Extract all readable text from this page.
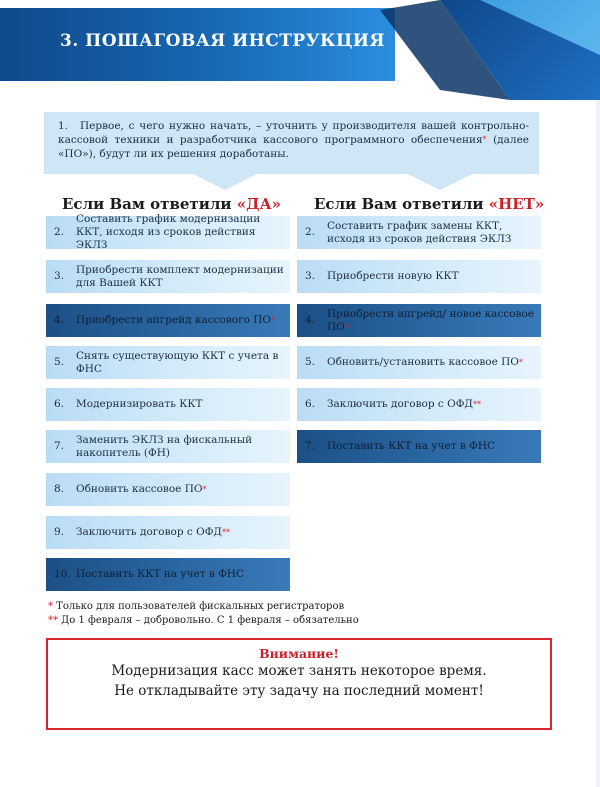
3. ПОШАГОВАЯ ИНСТРУКЦИЯ
1. Первое, с чего нужно начать, – уточнить у производителя вашей контрольно-кассовой техники и разработчика кассового программного обеспечения* (далее «ПО»), будут ли их решения доработаны.
Если Вам ответили «ДА» Если Вам ответили «НЕТ»
2.
Составить график модернизации ККТ, исходя из сроков действия ЭКЛЗ
3.
Приобрести комплект модернизации для Вашей ККТ
4.	Приобрести апгрейд кассового ПО*
5.
Снять существующую ККТ с учета в ФНС
6.	Модернизировать ККТ
7.
Заменить ЭКЛЗ на фискальный накопитель (ФН)
8.	Обновить кассовое ПО*
9.	Заключить договор с ОФД**
10. Поставить ККТ на учет в ФНС
2.
Составить график замены ККТ, исходя из сроков действия ЭКЛЗ
3.	Приобрести новую ККТ
4.
Приобрести апгрейд/ новое кассовое ПО*
5.	Обновить/установить кассовое ПО*
6.	Заключить договор с ОФД**
7.	Поставить ККТ на учет в ФНС
* Только для пользователей фискальных регистраторов
** До 1 февраля – добровольно. С 1 февраля – обязательно
Внимание!
Модернизация касс может занять некоторое время.
Не откладывайте эту задачу на последний момент!
